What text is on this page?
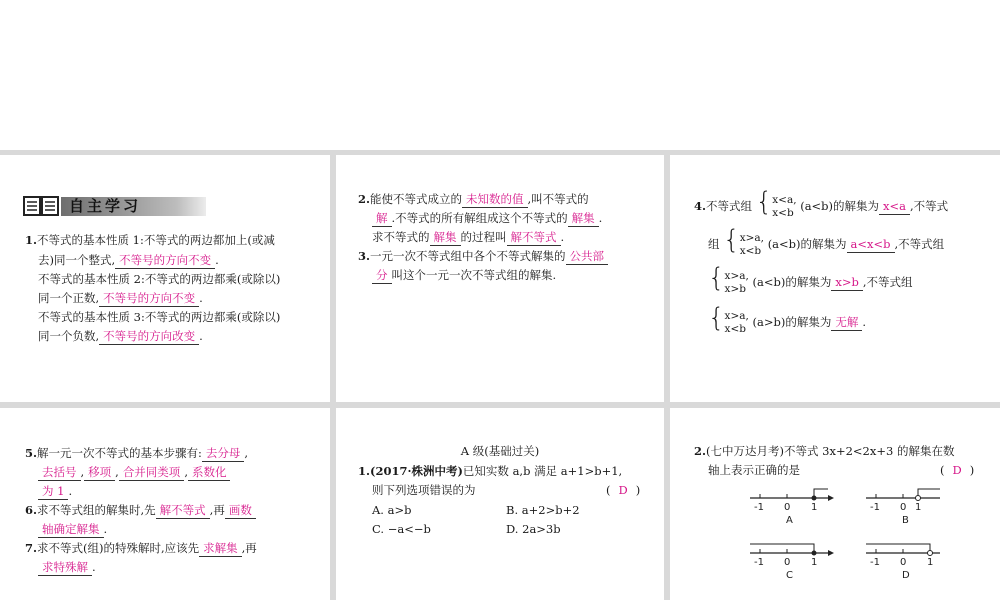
自主学习
1.不等式的基本性质 1:不等式的两边都加上(或减
去)同一个整式, 不等号的方向不变 .
不等式的基本性质 2:不等式的两边都乘(或除以)
同一个正数, 不等号的方向不变 .
不等式的基本性质 3:不等式的两边都乘(或除以)
同一个负数, 不等号的方向改变 .
2.能使不等式成立的 未知数的值 ,叫不等式的
解 .不等式的所有解组成这个不等式的 解集 .
求不等式的 解集 的过程叫 解不等式 .
3.一元一次不等式组中各个不等式解集的 公共部
分 叫这个一元一次不等式组的解集.
4.不等式组 {x<a,
x<b (a<b)的解集为 x<a ,不等式
组 {x>a,
x<b (a<b)的解集为 a<x<b ,不等式组
{x>a,
x>b (a<b)的解集为 x>b ,不等式组
{x>a,
x<b (a>b)的解集为 无解 .
5.解一元一次不等式的基本步骤有: 去分母 ,
去括号 , 移项 , 合并同类项 , 系数化
为 1 .
6.求不等式组的解集时,先 解不等式 ,再 画数
轴确定解集 .
7.求不等式(组)的特殊解时,应该先 求解集 ,再
求特殊解 .
A 级(基础过关)
1.(2017·株洲中考)已知实数 a,b 满足 a+1>b+1,
则下列选项错误的为	( D )
A. a>b	B. a+2>b+2
C. −a<−b	D. 2a>3b
2.(七中万达月考)不等式 3x+2<2x+3 的解集在数
轴上表示正确的是	( D )
-1 0 1
A
-1 0 1
B
-1 0 1
C
-1 0 1
D
